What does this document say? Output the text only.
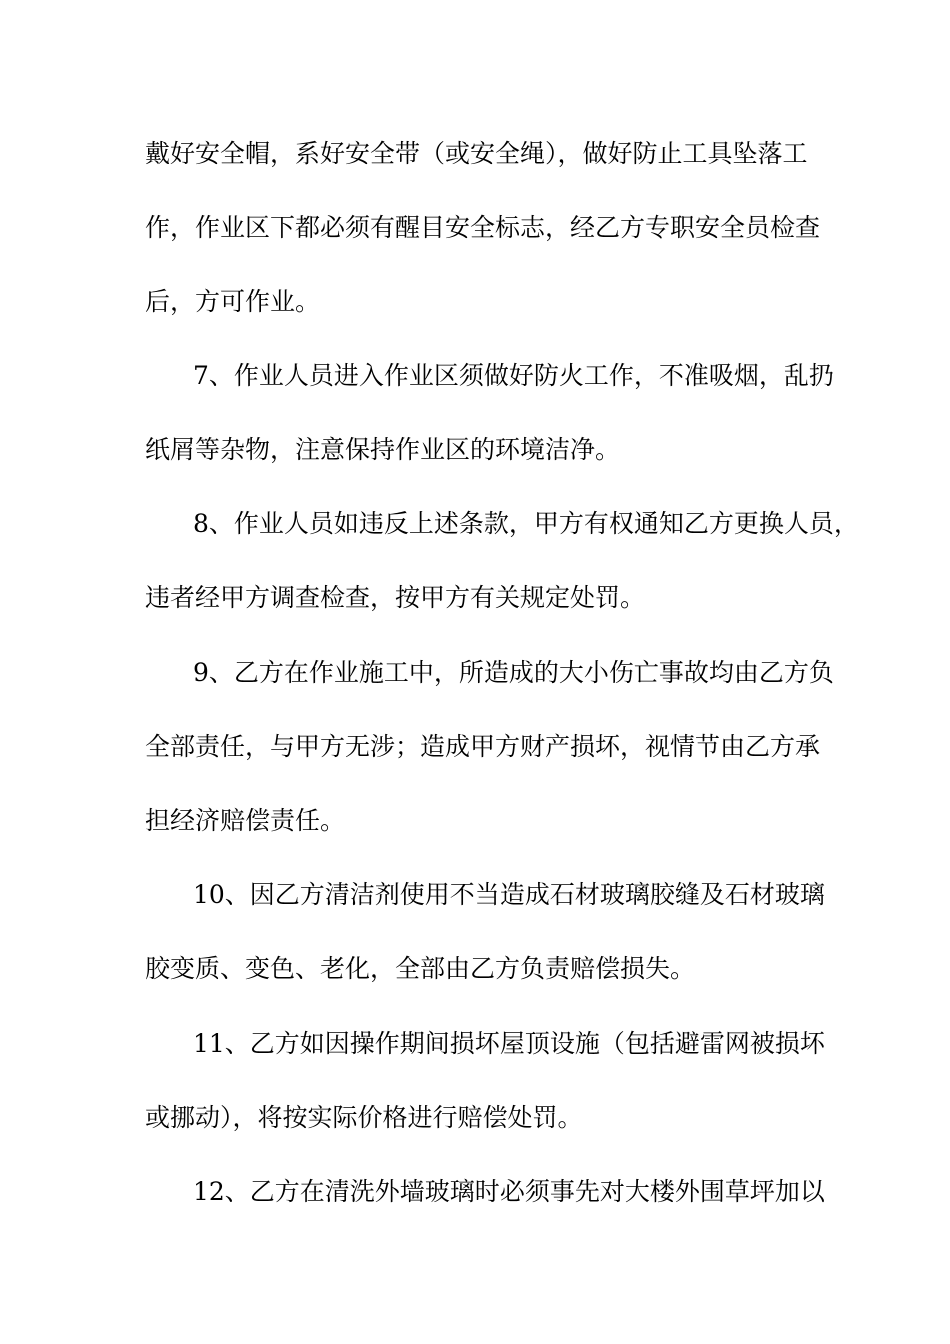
戴好安全帽，系好安全带（或安全绳），做好防止工具坠落工
作，作业区下都必须有醒目安全标志，经乙方专职安全员检查
后，方可作业。
7、作业人员进入作业区须做好防火工作，不准吸烟，乱扔
纸屑等杂物，注意保持作业区的环境洁净。
8、作业人员如违反上述条款，甲方有权通知乙方更换人员，
违者经甲方调查检查，按甲方有关规定处罚。
9、乙方在作业施工中，所造成的大小伤亡事故均由乙方负
全部责任，与甲方无涉；造成甲方财产损坏，视情节由乙方承
担经济赔偿责任。
10、因乙方清洁剂使用不当造成石材玻璃胶缝及石材玻璃
胶变质、变色、老化，全部由乙方负责赔偿损失。
11、乙方如因操作期间损坏屋顶设施（包括避雷网被损坏
或挪动），将按实际价格进行赔偿处罚。
12、乙方在清洗外墙玻璃时必须事先对大楼外围草坪加以
